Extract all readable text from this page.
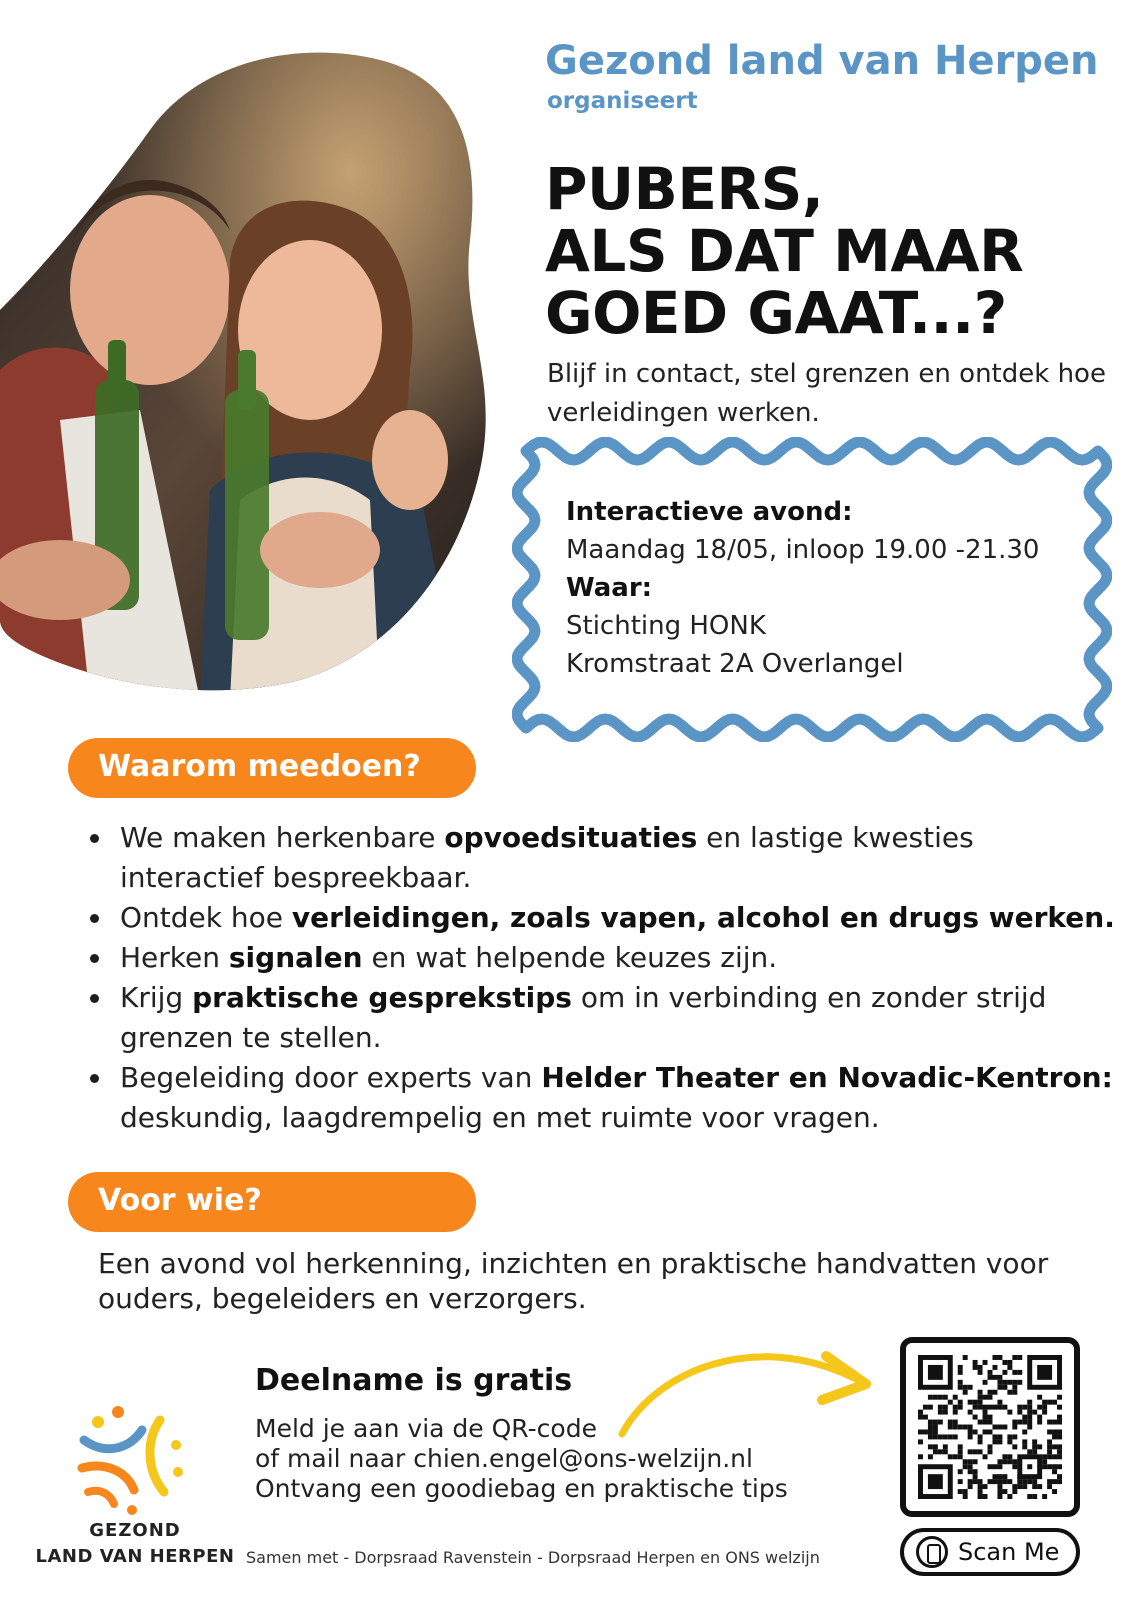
Gezond land van Herpen
organiseert
PUBERS,
ALS DAT MAAR
GOED GAAT...?
Blijf in contact, stel grenzen en ontdek hoe verleidingen werken.
Interactieve avond:
Maandag 18/05, inloop 19.00 -21.30
Waar:
Stichting HONK
Kromstraat 2A Overlangel
Waarom meedoen?
We maken herkenbare opvoedsituaties en lastige kwesties interactief bespreekbaar.
Ontdek hoe verleidingen, zoals vapen, alcohol en drugs werken.
Herken signalen en wat helpende keuzes zijn.
Krijg praktische gesprekstips om in verbinding en zonder strijd grenzen te stellen.
Begeleiding door experts van Helder Theater en Novadic-Kentron: deskundig, laagdrempelig en met ruimte voor vragen.
Voor wie?
Een avond vol herkenning, inzichten en praktische handvatten voor ouders, begeleiders en verzorgers.
GEZOND
LAND VAN HERPEN
Deelname is gratis
Meld je aan via de QR-code
of mail naar chien.engel@ons-welzijn.nl
Ontvang een goodiebag en praktische tips
Samen met - Dorpsraad Ravenstein - Dorpsraad Herpen en ONS welzijn	Scan Me
